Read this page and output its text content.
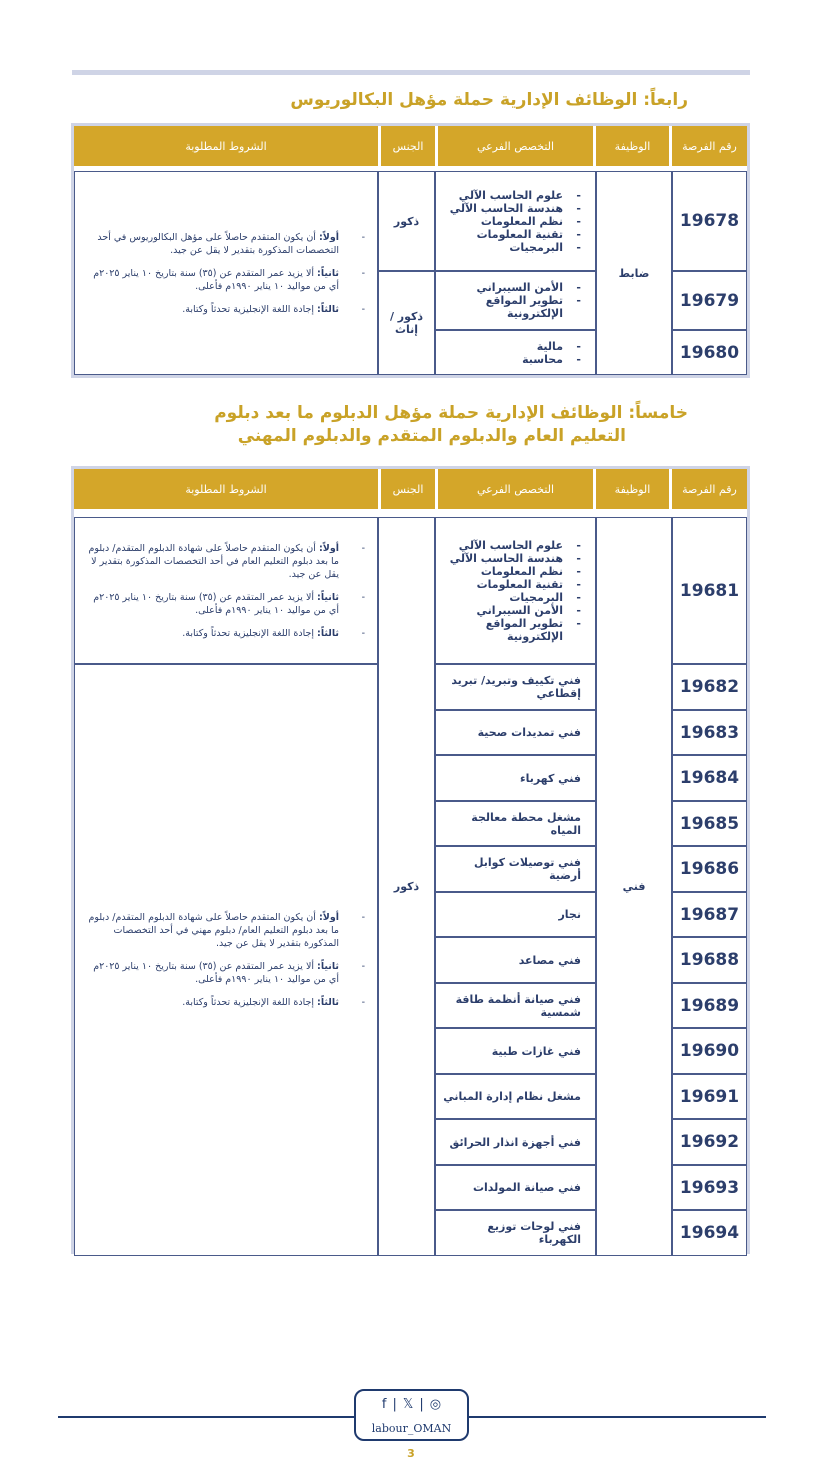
رابعاً: الوظائف الإدارية حملة مؤهل البكالوريوس
رقم الفرصة
الوظيفة
التخصص الفرعي
الجنس
الشروط المطلوبة
19678
- علوم الحاسب الآلي
- هندسة الحاسب الآلي
- نظم المعلومات
- تقنية المعلومات
- البرمجيات
19679
- الأمن السيبراني
- تطوير المواقع الإلكترونية
19680
- مالية
- محاسبة
ضابط
ذكور
ذكور / إناث
- أولاً: أن يكون المتقدم حاصلاً على مؤهل البكالوريوس في أحد التخصصات المذكورة بتقدير لا يقل عن جيد.
- ثانياً: ألا يزيد عمر المتقدم عن (٣٥) سنة بتاريخ ١٠ يناير ٢٠٢٥م أي من مواليد ١٠ يناير ١٩٩٠م فأعلى.
- ثالثاً: إجادة اللغة الإنجليزية تحدثاً وكتابة.
خامساً: الوظائف الإدارية حملة مؤهل الدبلوم ما بعد دبلوم
التعليم العام والدبلوم المتقدم والدبلوم المهني
رقم الفرصة
الوظيفة
التخصص الفرعي
الجنس
الشروط المطلوبة
19681
- علوم الحاسب الآلي
- هندسة الحاسب الآلي
- نظم المعلومات
- تقنية المعلومات
- البرمجيات
- الأمن السيبراني
- تطوير المواقع الإلكترونية
19682
فني تكييف وتبريد/ تبريد إقطاعي
19683
فني تمديدات صحية
19684
فني كهرباء
19685
مشغل محطة معالجة المياه
19686
فني توصيلات كوابل أرضية
19687
نجار
19688
فني مصاعد
19689
فني صيانة أنظمة طاقة شمسية
19690
فني غازات طبية
19691
مشغل نظام إدارة المباني
19692
فني أجهزة انذار الحرائق
19693
فني صيانة المولدات
19694
فني لوحات توزيع الكهرباء
فني
ذكور
- أولاً: أن يكون المتقدم حاصلاً على شهادة الدبلوم المتقدم/ دبلوم ما بعد دبلوم التعليم العام في أحد التخصصات المذكورة بتقدير لا يقل عن جيد.
- ثانياً: ألا يزيد عمر المتقدم عن (٣٥) سنة بتاريخ ١٠ يناير ٢٠٢٥م أي من مواليد ١٠ يناير ١٩٩٠م فأعلى.
- ثالثاً: إجادة اللغة الإنجليزية تحدثاً وكتابة.
- أولاً: أن يكون المتقدم حاصلاً على شهادة الدبلوم المتقدم/ دبلوم ما بعد دبلوم التعليم العام/ دبلوم مهني في أحد التخصصات المذكورة بتقدير لا يقل عن جيد.
- ثانياً: ألا يزيد عمر المتقدم عن (٣٥) سنة بتاريخ ١٠ يناير ٢٠٢٥م أي من مواليد ١٠ يناير ١٩٩٠م فأعلى.
- ثالثاً: إجادة اللغة الإنجليزية تحدثاً وكتابة.
f | 𝕏 | ◎
labour_OMAN
3
